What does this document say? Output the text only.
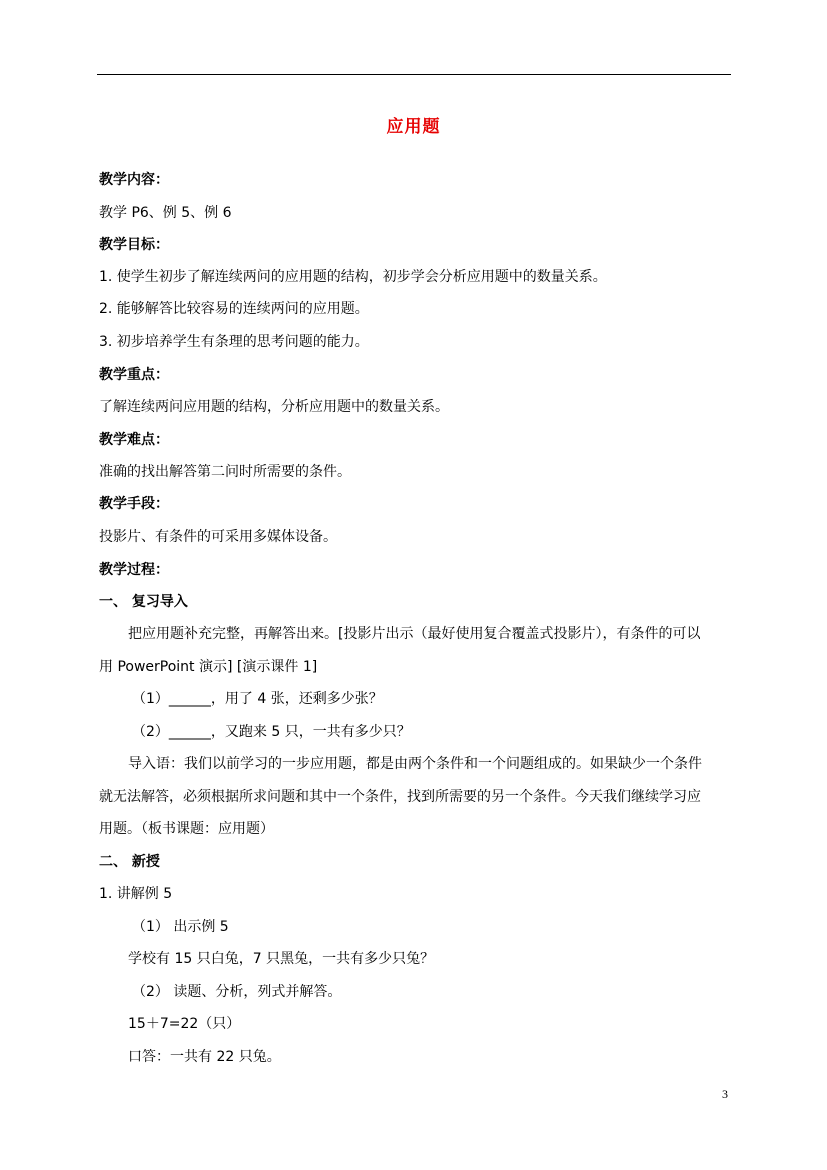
应用题
教学内容：
教学 P6、例 5、例 6
教学目标：
1. 使学生初步了解连续两问的应用题的结构，初步学会分析应用题中的数量关系。
2. 能够解答比较容易的连续两问的应用题。
3. 初步培养学生有条理的思考问题的能力。
教学重点：
了解连续两问应用题的结构，分析应用题中的数量关系。
教学难点：
准确的找出解答第二问时所需要的条件。
教学手段：
投影片、有条件的可采用多媒体设备。
教学过程：
一、 复习导入
把应用题补充完整，再解答出来。[投影片出示（最好使用复合覆盖式投影片），有条件的可以
用 PowerPoint 演示] [演示课件 1]
（1）______，用了 4 张，还剩多少张？
（2）______，又跑来 5 只，一共有多少只？
导入语：我们以前学习的一步应用题，都是由两个条件和一个问题组成的。如果缺少一个条件
就无法解答，必须根据所求问题和其中一个条件，找到所需要的另一个条件。今天我们继续学习应
用题。（板书课题：应用题）
二、 新授
1. 讲解例 5
（1） 出示例 5
学校有 15 只白兔，7 只黑兔，一共有多少只兔？
（2） 读题、分析，列式并解答。
15＋7=22（只）
口答：一共有 22 只兔。
3
